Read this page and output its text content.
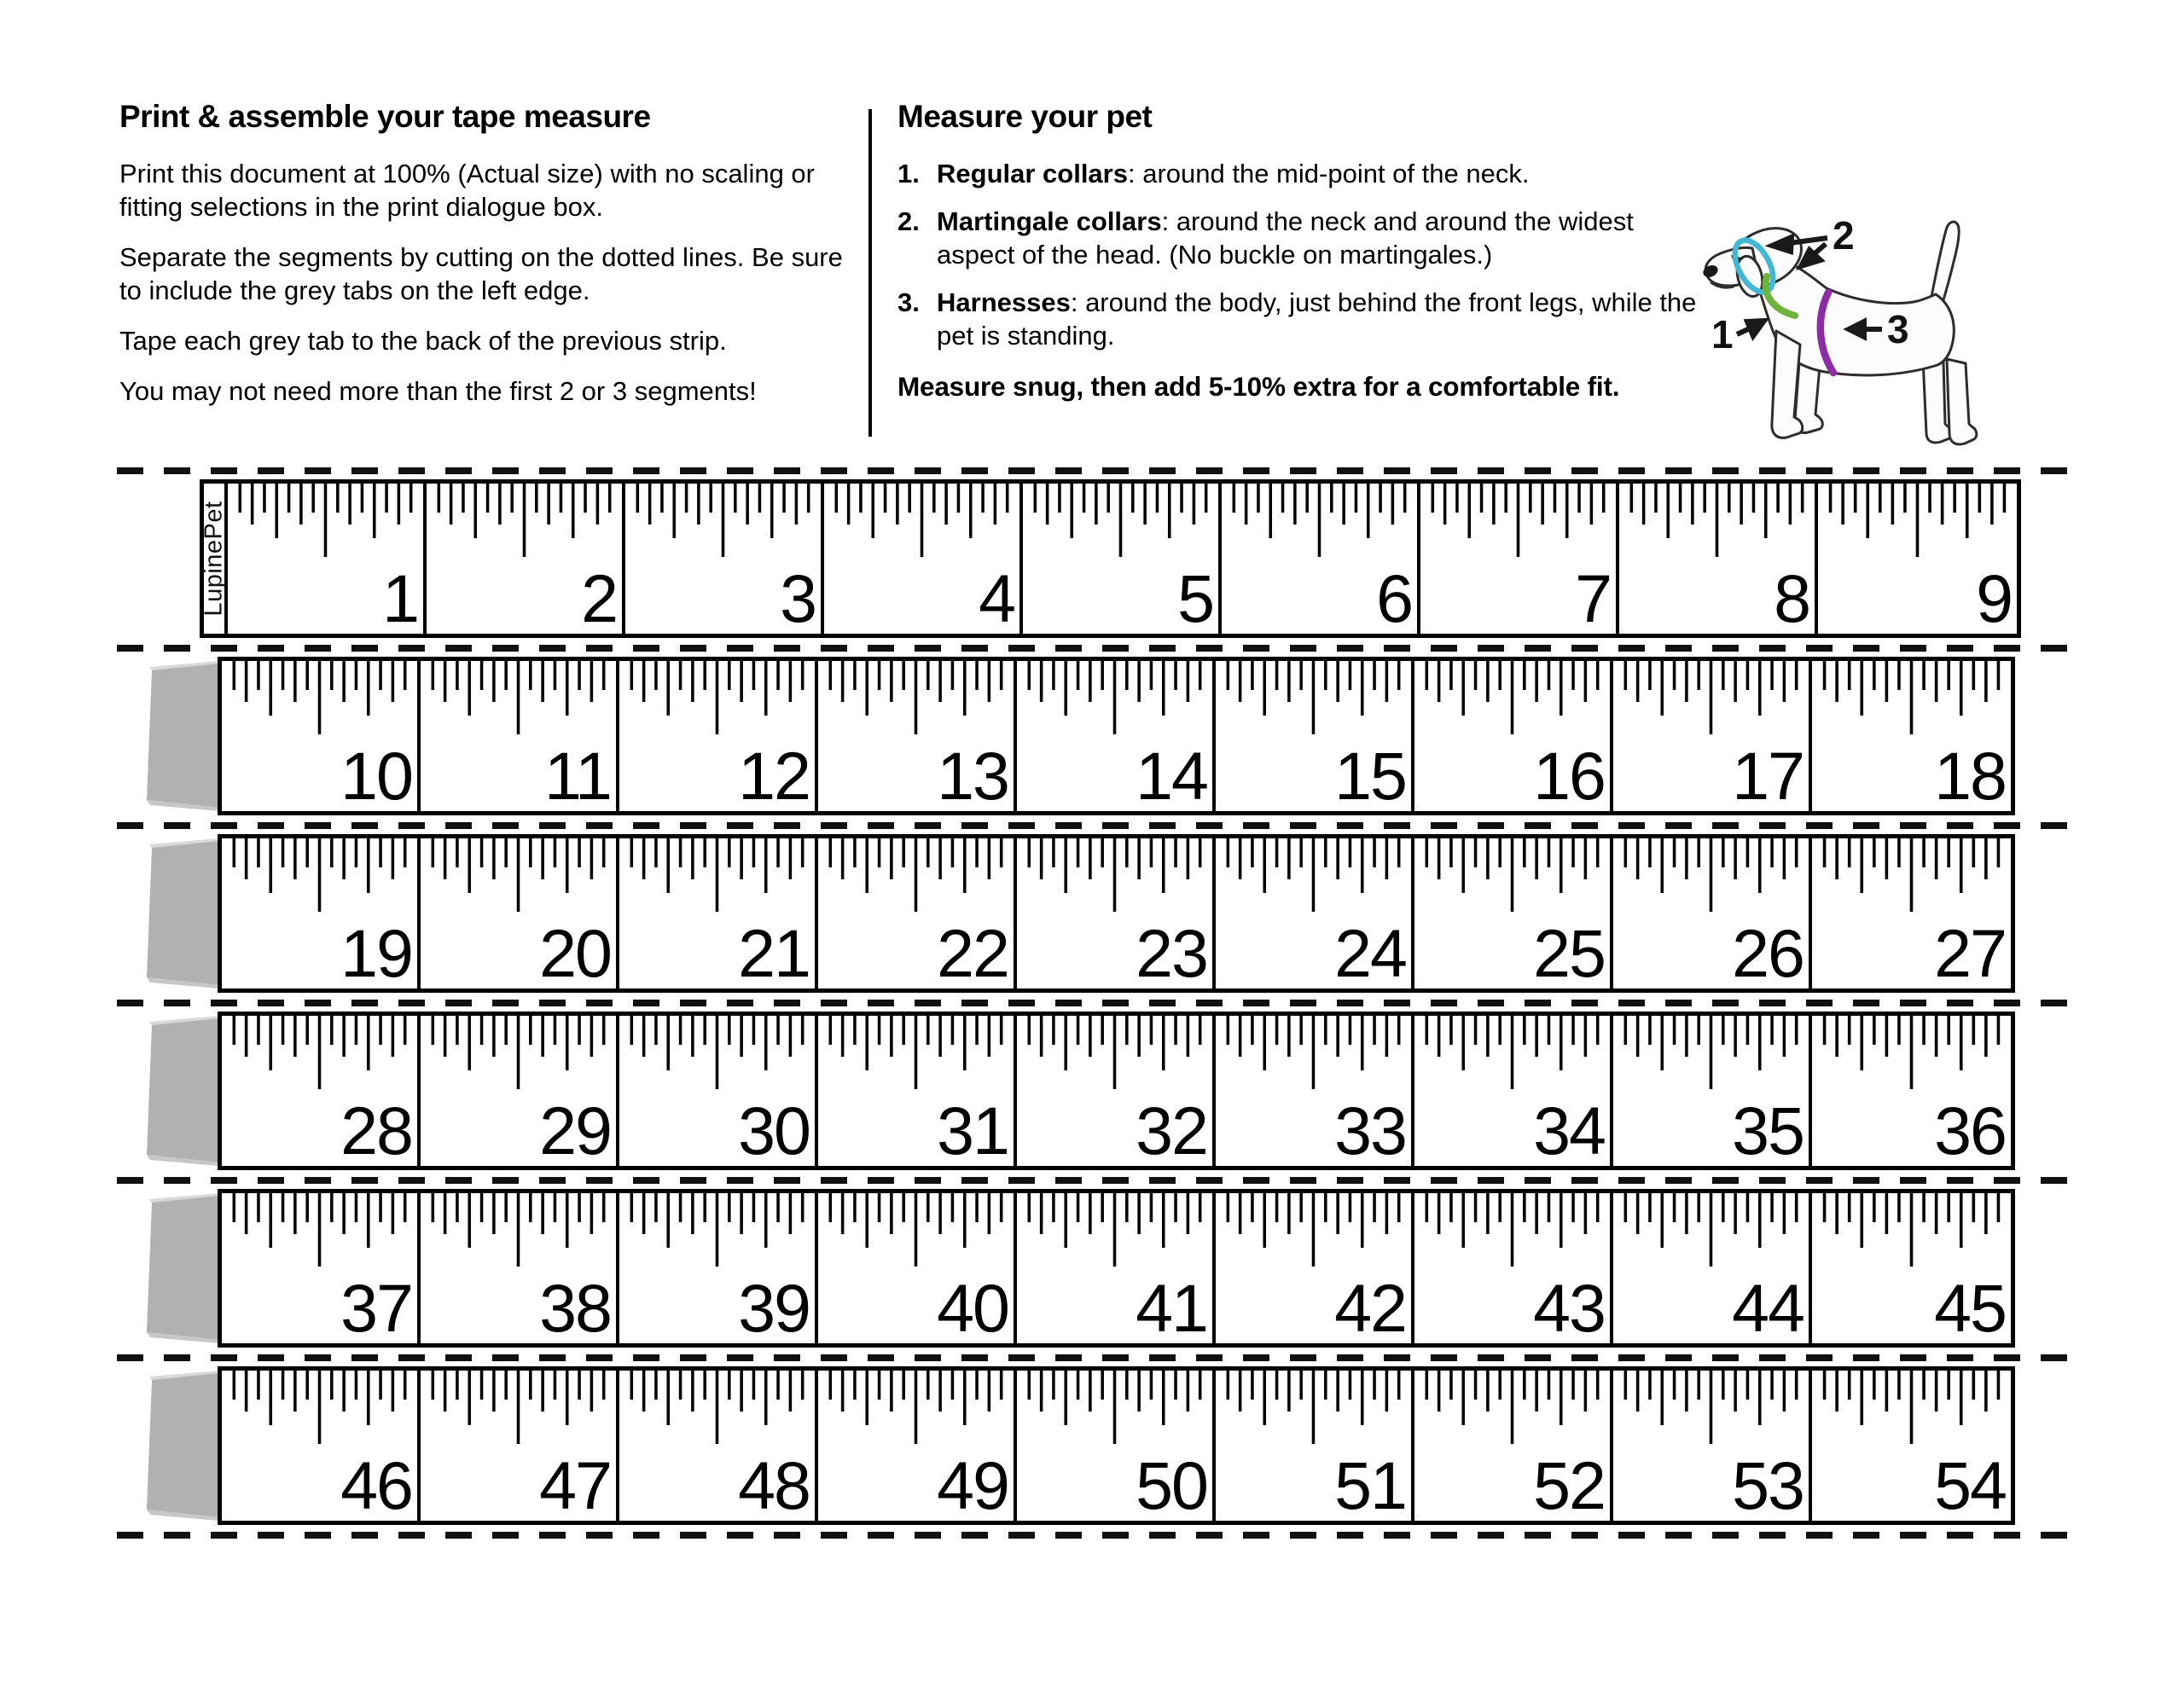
Print & assemble your tape measure

Print this document at 100% (Actual size) with no scaling or fitting selections in the print dialogue box.

Separate the segments by cutting on the dotted lines. Be sure to include the grey tabs on the left edge.

Tape each grey tab to the back of the previous strip.

You may not need more than the first 2 or 3 segments!

Measure your pet
1. Regular collars: around the mid-point of the neck.
2. Martingale collars: around the neck and around the widest aspect of the head. (No buckle on martingales.)
3. Harnesses: around the body, just behind the front legs, while the pet is standing.
Measure snug, then add 5-10% extra for a comfortable fit.
2
1	3
LupinePet 1 2 3 4 5 6 7 8 9
10 11 12 13 14 15 16 17 18
19 20 21 22 23 24 25 26 27
28 29 30 31 32 33 34 35 36
37 38 39 40 41 42 43 44 45
46 47 48 49 50 51 52 53 54
